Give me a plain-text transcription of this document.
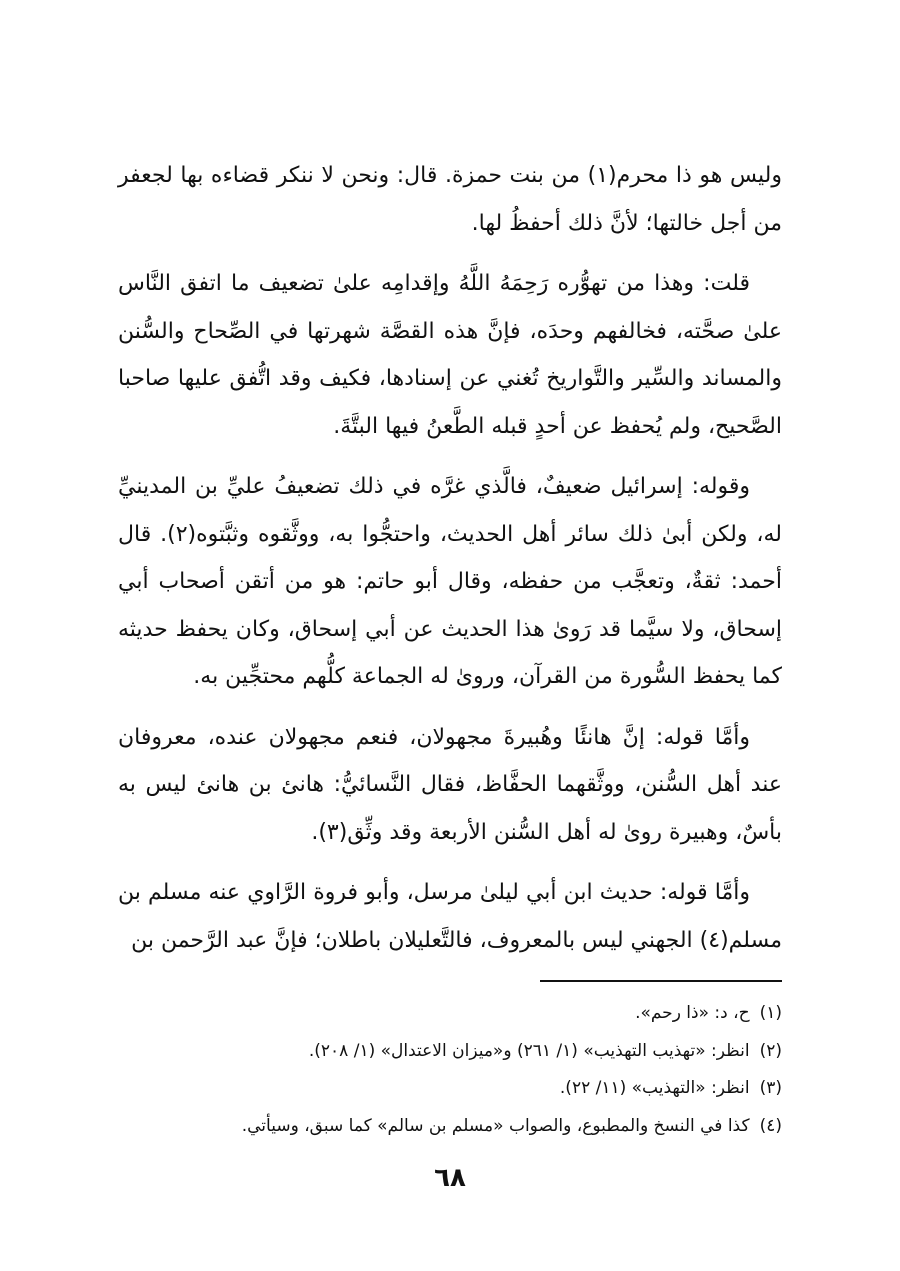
وليس هو ذا محرم(١) من بنت حمزة. قال: ونحن لا ننكر قضاءه بها لجعفر من أجل خالتها؛ لأنَّ ذلك أحفظُ لها.

قلت: وهذا من تهوُّره رَحِمَهُ اللَّهُ وإقدامِه علىٰ تضعيف ما اتفق النَّاس علىٰ صحَّته، فخالفهم وحدَه، فإنَّ هذه القصَّة شهرتها في الصِّحاح والسُّنن والمساند والسِّير والتَّواريخ تُغني عن إسنادها، فكيف وقد اتُّفق عليها صاحبا الصَّحيح، ولم يُحفظ عن أحدٍ قبله الطَّعنُ فيها البتَّةَ.

وقوله: إسرائيل ضعيفٌ، فالَّذي غرَّه في ذلك تضعيفُ عليِّ بن المدينيِّ له، ولكن أبىٰ ذلك سائر أهل الحديث، واحتجُّوا به، ووثَّقوه وثبَّتوه(٢). قال أحمد: ثقةٌ، وتعجَّب من حفظه، وقال أبو حاتم: هو من أتقن أصحاب أبي إسحاق، ولا سيَّما قد رَوىٰ هذا الحديث عن أبي إسحاق، وكان يحفظ حديثه كما يحفظ السُّورة من القرآن، وروىٰ له الجماعة كلُّهم محتجِّين به.

وأمَّا قوله: إنَّ هانئًا وهُبيرةَ مجهولان، فنعم مجهولان عنده، معروفان عند أهل السُّنن، ووثَّقهما الحفَّاظ، فقال النَّسائيُّ: هانئ بن هانئ ليس به بأسٌ، وهبيرة روىٰ له أهل السُّنن الأربعة وقد وثِّق(٣).

وأمَّا قوله: حديث ابن أبي ليلىٰ مرسل، وأبو فروة الرَّاوي عنه مسلم بن مسلم(٤) الجهني ليس بالمعروف، فالتَّعليلان باطلان؛ فإنَّ عبد الرَّحمن بن

(١)ح، د: «ذا رحم».
(٢)انظر: «تهذيب التهذيب» (١/ ٢٦١) و«ميزان الاعتدال» (١/ ٢٠٨).
(٣)انظر: «التهذيب» (١١/ ٢٢).
(٤)كذا في النسخ والمطبوع، والصواب «مسلم بن سالم» كما سبق، وسيأتي.
٦٨
